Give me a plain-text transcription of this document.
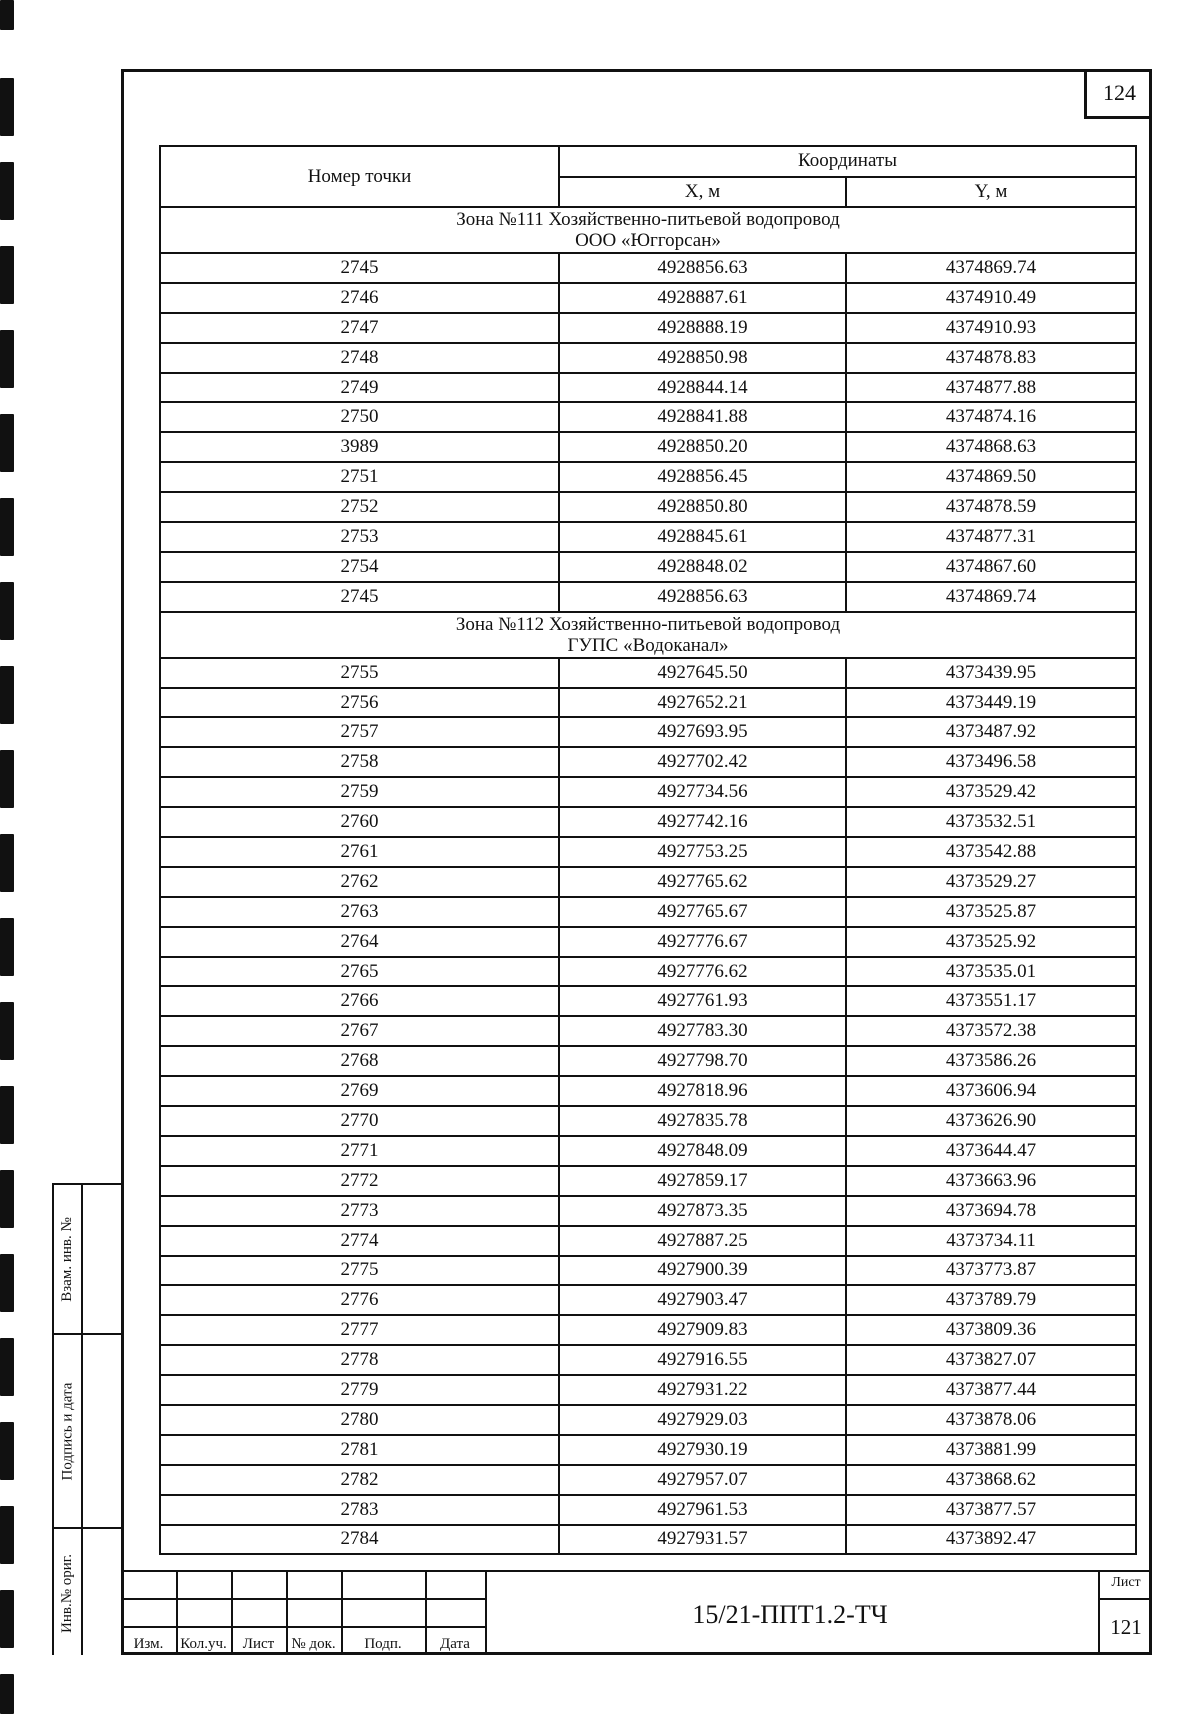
124
Номер точки	Координаты	
	X, м	Y, м

Зона №111 Хозяйственно-питьевой водопровод
ООО «Юггорсан»		

2745	4928856.63	4374869.74
2746	4928887.61	4374910.49
2747	4928888.19	4374910.93
2748	4928850.98	4374878.83
2749	4928844.14	4374877.88
2750	4928841.88	4374874.16
3989	4928850.20	4374868.63
2751	4928856.45	4374869.50
2752	4928850.80	4374878.59
2753	4928845.61	4374877.31
2754	4928848.02	4374867.60
2745	4928856.63	4374869.74

Зона №112 Хозяйственно-питьевой водопровод
ГУПС «Водоканал»		

2755	4927645.50	4373439.95
2756	4927652.21	4373449.19
2757	4927693.95	4373487.92
2758	4927702.42	4373496.58
2759	4927734.56	4373529.42
2760	4927742.16	4373532.51
2761	4927753.25	4373542.88
2762	4927765.62	4373529.27
2763	4927765.67	4373525.87
2764	4927776.67	4373525.92
2765	4927776.62	4373535.01
2766	4927761.93	4373551.17
2767	4927783.30	4373572.38
2768	4927798.70	4373586.26
2769	4927818.96	4373606.94
2770	4927835.78	4373626.90
2771	4927848.09	4373644.47
2772	4927859.17	4373663.96
2773	4927873.35	4373694.78
2774	4927887.25	4373734.11
2775	4927900.39	4373773.87
2776	4927903.47	4373789.79
2777	4927909.83	4373809.36
2778	4927916.55	4373827.07
2779	4927931.22	4373877.44
2780	4927929.03	4373878.06
2781	4927930.19	4373881.99
2782	4927957.07	4373868.62
2783	4927961.53	4373877.57
2784	4927931.57	4373892.47
Взам. инв. №
Подпись и дата
Инв.№ ориг.
Изм.	Кол.уч.	Лист	№ док.	Подп.	Дата
15/21-ППТ1.2-ТЧ
Лист
121
